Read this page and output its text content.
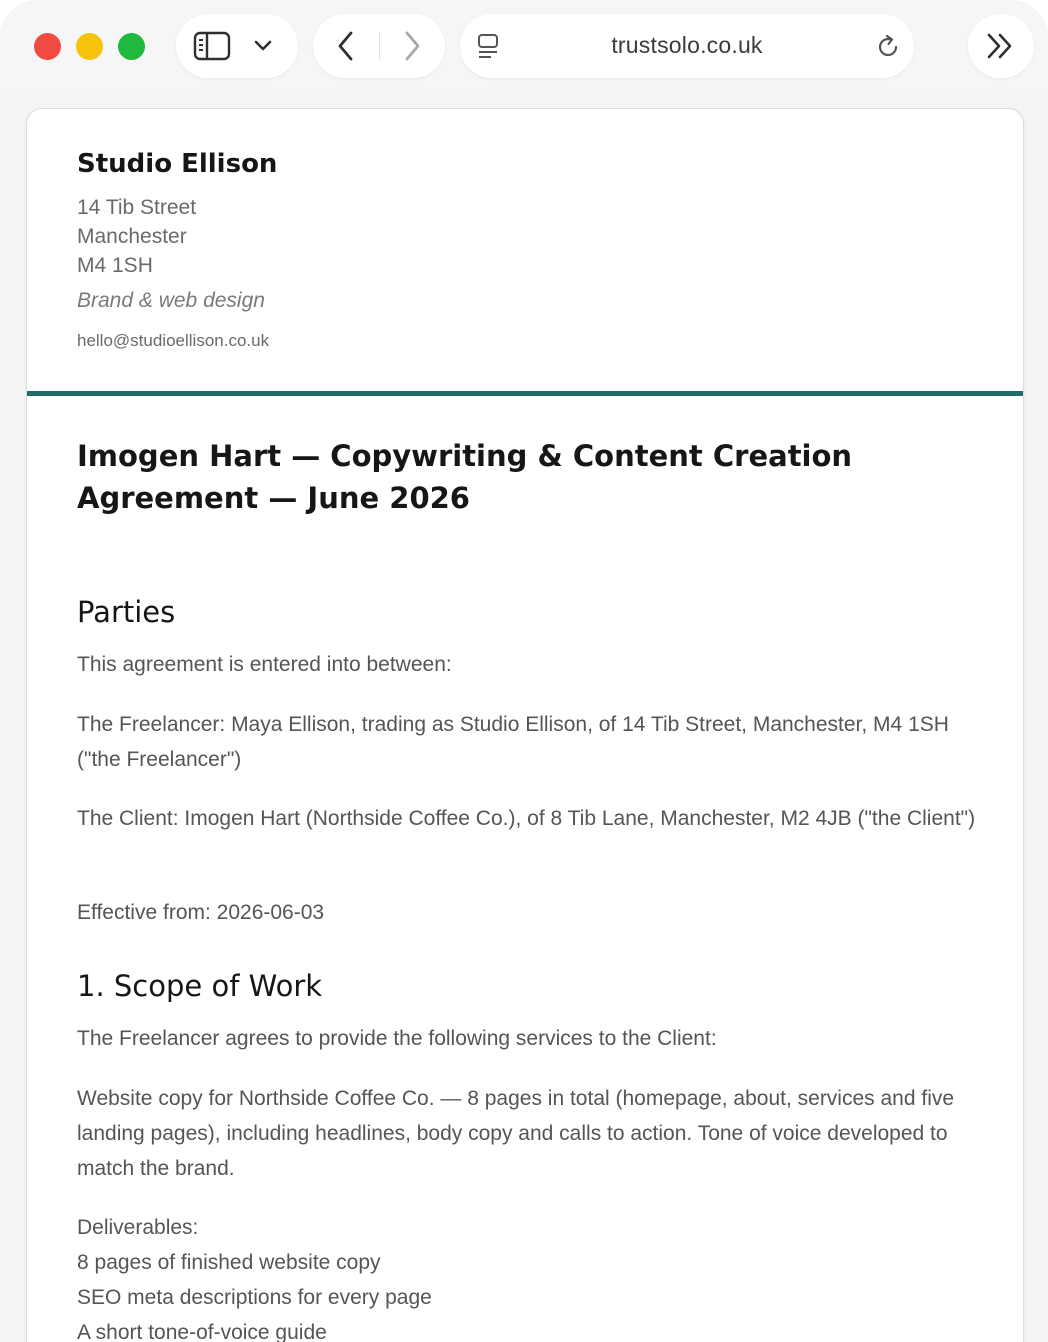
trustsolo.co.uk
Studio Ellison
14 Tib Street
Manchester
M4 1SH
Brand & web design
hello@studioellison.co.uk
Imogen Hart — Copywriting & Content Creation Agreement — June 2026
Parties

This agreement is entered into between:

The Freelancer: Maya Ellison, trading as Studio Ellison, of 14 Tib Street, Manchester, M4 1SH ("the Freelancer")

The Client: Imogen Hart (Northside Coffee Co.), of 8 Tib Lane, Manchester, M2 4JB ("the Client")

Effective from: 2026-06-03

1. Scope of Work

The Freelancer agrees to provide the following services to the Client:

Website copy for Northside Coffee Co. — 8 pages in total (homepage, about, services and five landing pages), including headlines, body copy and calls to action. Tone of voice developed to match the brand.

Deliverables:

8 pages of finished website copy
SEO meta descriptions for every page
A short tone-of-voice guide
